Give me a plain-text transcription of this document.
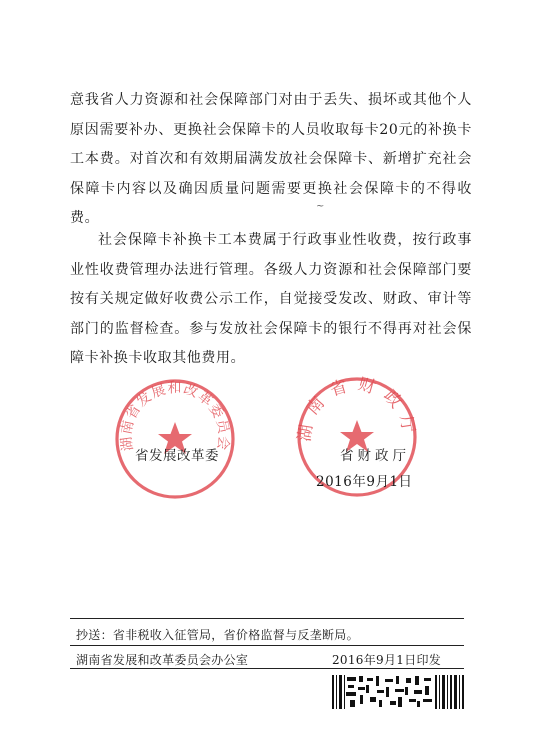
意我省人力资源和社会保障部门对由于丢失、损坏或其他个人原因需要补办、更换社会保障卡的人员收取每卡20元的补换卡工本费。对首次和有效期届满发放社会保障卡、新增扩充社会保障卡内容以及确因质量问题需要更换社会保障卡的不得收费。

社会保障卡补换卡工本费属于行政事业性收费，按行政事业性收费管理办法进行管理。各级人力资源和社会保障部门要按有关规定做好收费公示工作，自觉接受发改、财政、审计等部门的监督检查。参与发放社会保障卡的银行不得再对社会保障卡补换卡收取其他费用。

~
湖南省发展和改革委员会
湖南省财政厅
省发展改革委	省财政厅
2016年9月1日
抄送：省非税收入征管局，省价格监督与反垄断局。
湖南省发展和改革委员会办公室	2016年9月1日印发
